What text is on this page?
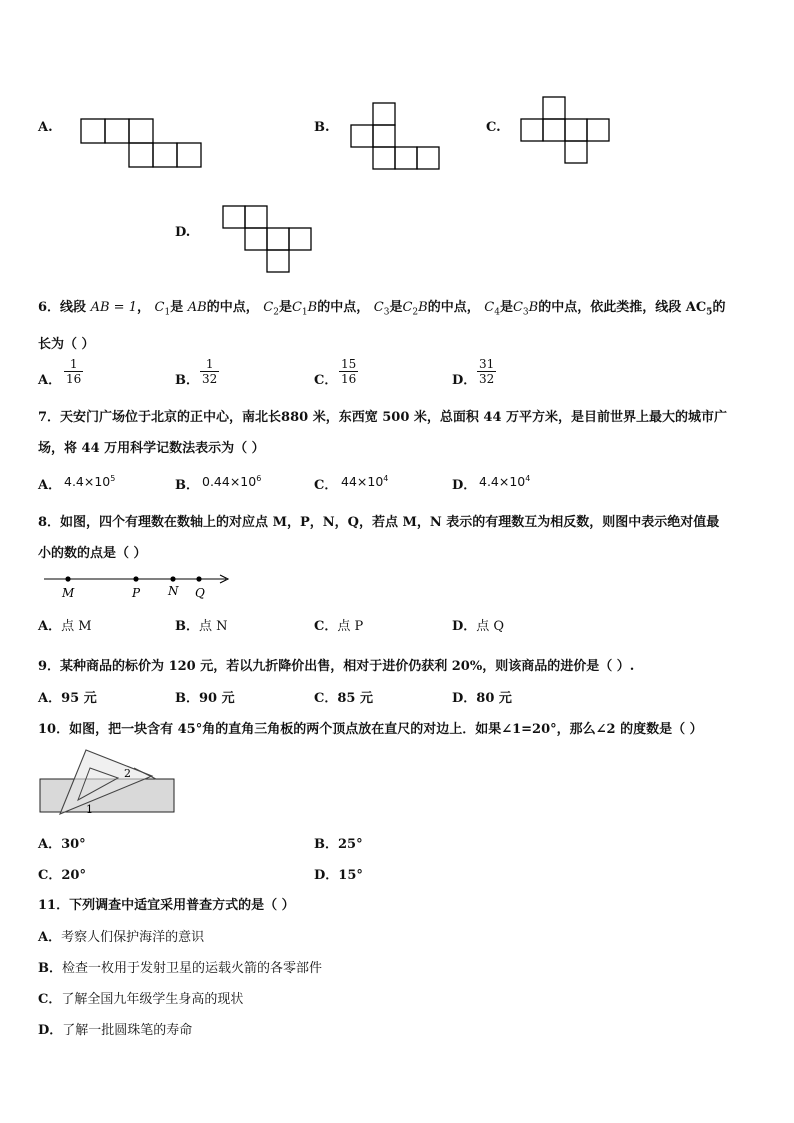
A.	B.	C.
D.
6．线段 AB = 1， $C_1$是 AB的中点， $C_2$是$C_1B$的中点， $C_3$是$C_2B$的中点， $C_4$是$C_3B$的中点，依此类推，线段 $AC_5$的
长为（ ）
A． $\frac{1}{16}$	B． $\frac{1}{32}$	C． $\frac{15}{16}$	D． $\frac{31}{32}$
7．天安门广场位于北京的正中心，南北长880 米，东西宽 500 米，总面积 44 万平方米，是目前世界上最大的城市广
场，将 44 万用科学记数法表示为（ ）
A． $4.4\times 10^5$	B． $0.44\times 10^6$	C． $44\times 10^4$	D． $4.4\times 10^4$
8．如图，四个有理数在数轴上的对应点 M，P，N，Q，若点 M，N 表示的有理数互为相反数，则图中表示绝对值最
小的数的点是（ ）
M	P N Q
A．点 M	B．点 N	C．点 P	D．点 Q
9．某种商品的标价为 120 元，若以九折降价出售，相对于进价仍获利 20%，则该商品的进价是（ ）.
A．95 元	B．90 元	C．85 元	D．80 元
10．如图，把一块含有 45°角的直角三角板的两个顶点放在直尺的对边上．如果∠1=20°，那么∠2 的度数是（ ）
2
1
A．30°	B．25°
C．20°	D．15°
11．下列调查中适宜采用普查方式的是（ ）
A．考察人们保护海洋的意识
B．检查一枚用于发射卫星的运载火箭的各零部件
C．了解全国九年级学生身高的现状
D．了解一批圆珠笔的寿命
